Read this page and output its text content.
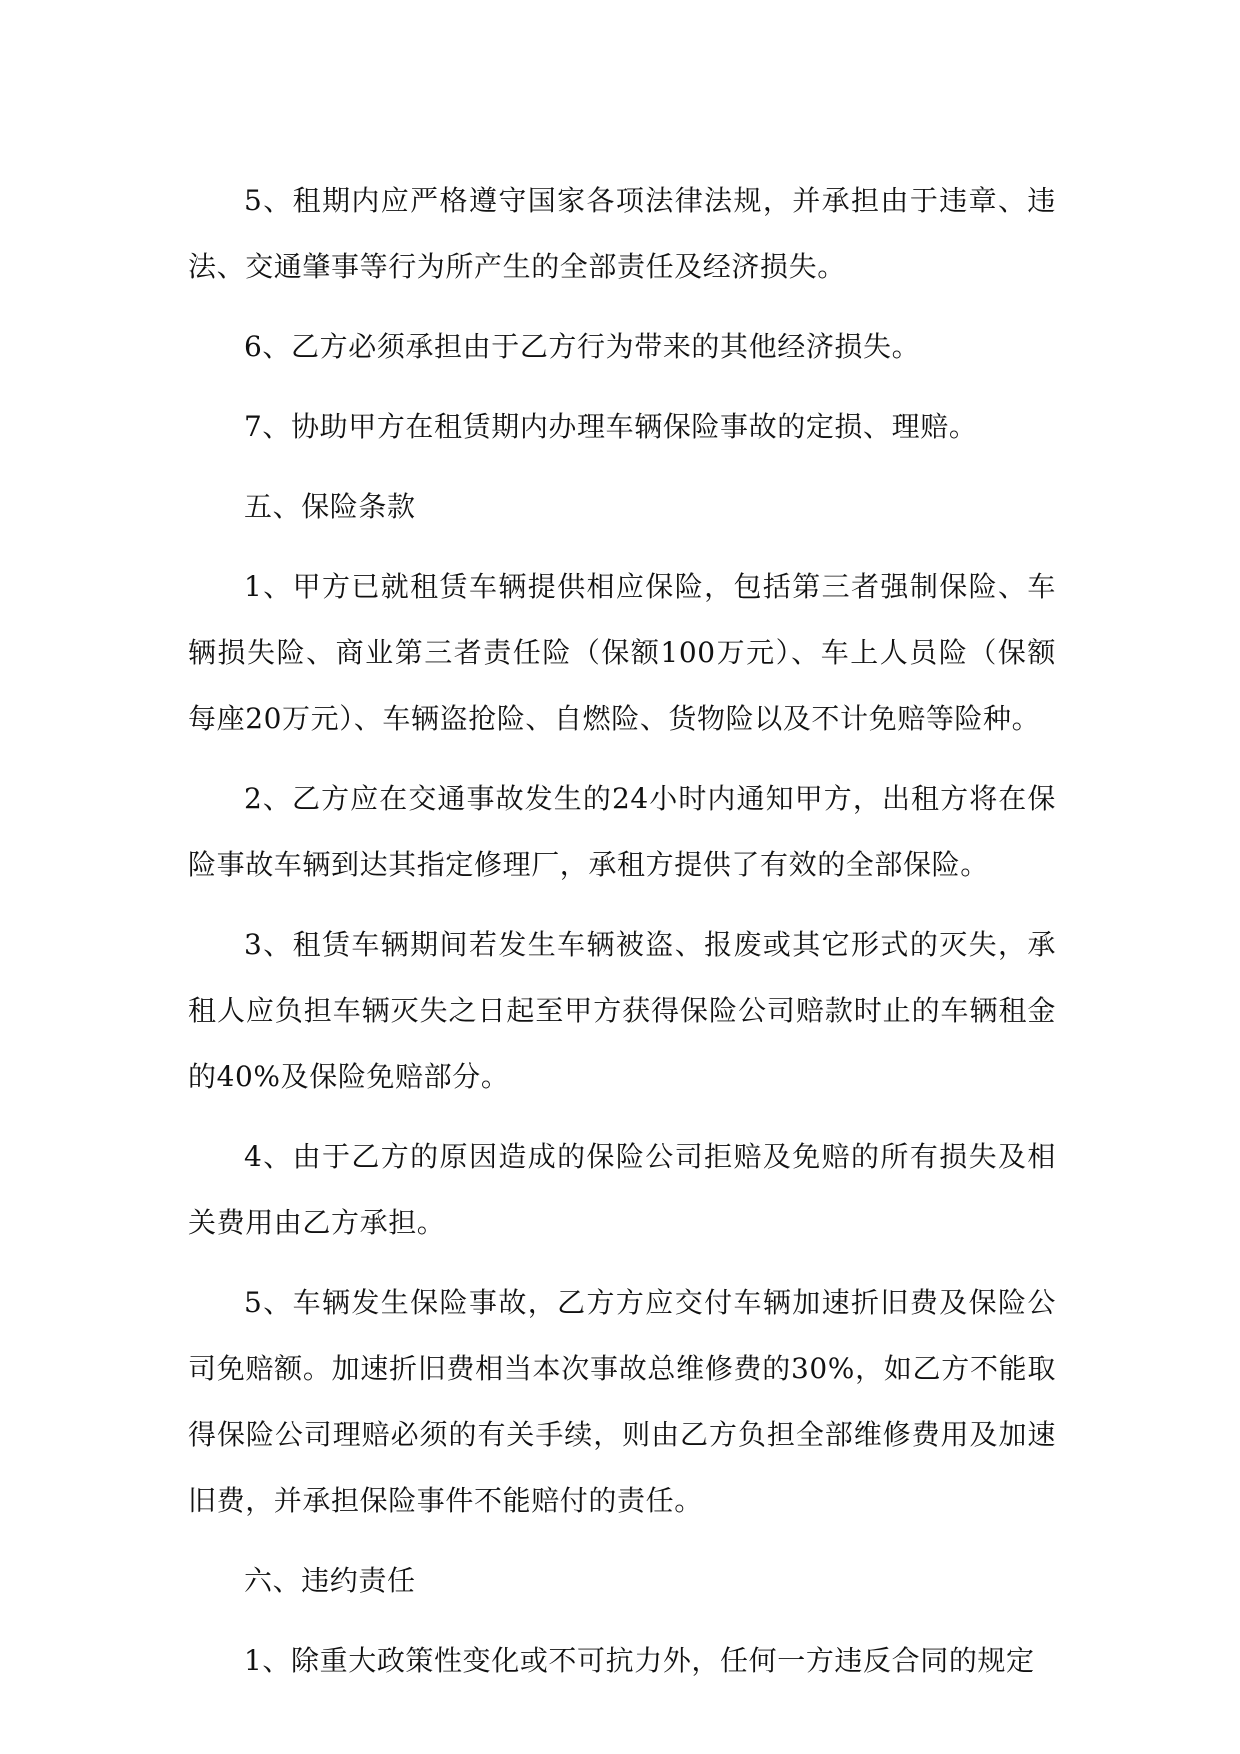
5、租期内应严格遵守国家各项法律法规，并承担由于违章、违法、交通肇事等行为所产生的全部责任及经济损失。

6、乙方必须承担由于乙方行为带来的其他经济损失。

7、协助甲方在租赁期内办理车辆保险事故的定损、理赔。

五、保险条款

1、甲方已就租赁车辆提供相应保险，包括第三者强制保险、车辆损失险、商业第三者责任险（保额100万元）、车上人员险（保额每座20万元）、车辆盗抢险、自燃险、货物险以及不计免赔等险种。

2、乙方应在交通事故发生的24小时内通知甲方，出租方将在保险事故车辆到达其指定修理厂，承租方提供了有效的全部保险。

3、租赁车辆期间若发生车辆被盗、报废或其它形式的灭失，承租人应负担车辆灭失之日起至甲方获得保险公司赔款时止的车辆租金的40%及保险免赔部分。

4、由于乙方的原因造成的保险公司拒赔及免赔的所有损失及相关费用由乙方承担。

5、车辆发生保险事故，乙方方应交付车辆加速折旧费及保险公司免赔额。加速折旧费相当本次事故总维修费的30%，如乙方不能取得保险公司理赔必须的有关手续，则由乙方负担全部维修费用及加速旧费，并承担保险事件不能赔付的责任。

六、违约责任

1、除重大政策性变化或不可抗力外，任何一方违反合同的规定
